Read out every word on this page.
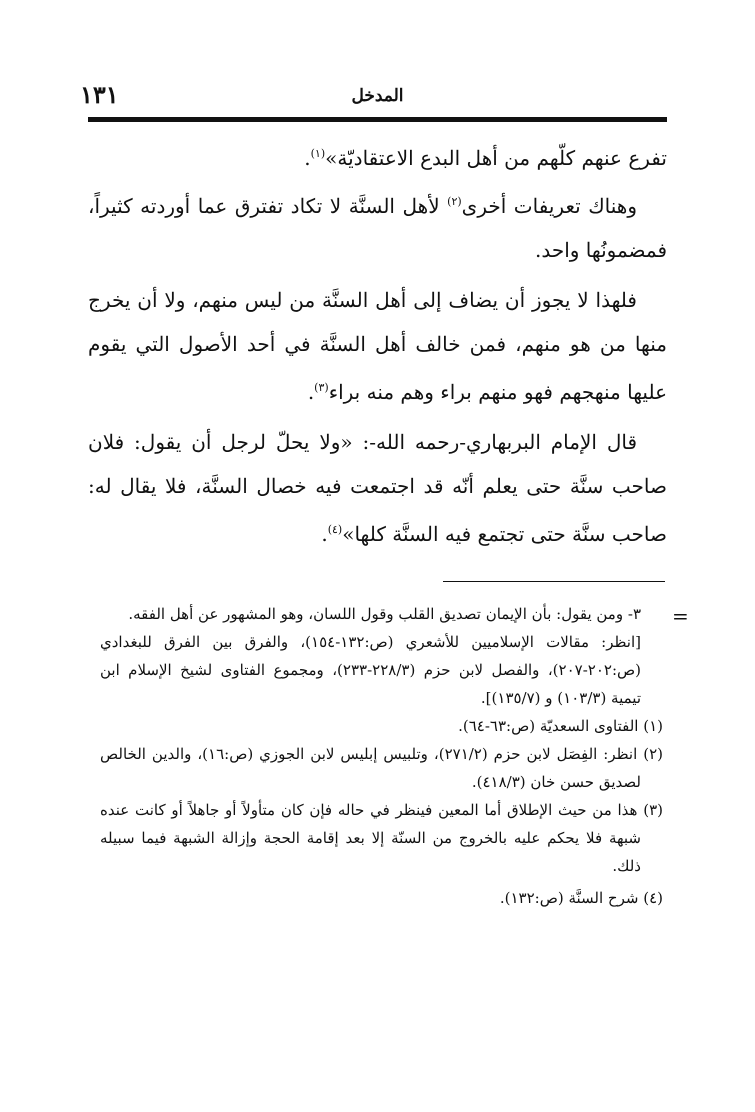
١٣١	المدخل

تفرع عنهم كلّهم من أهل البدع الاعتقاديّة»$^{(١)}$.

وهناك تعريفات أخرى$^{(٢)}$ لأهل السنَّة لا تكاد تفترق عما أوردته كثيراً، فمضمونُها واحد.

فلهذا لا يجوز أن يضاف إلى أهل السنَّة من ليس منهم، ولا أن يخرج منها من هو منهم، فمن خالف أهل السنَّة في أحد الأصول التي يقوم عليها منهجهم فهو منهم براء وهم منه براء$^{(٣)}$.

قال الإمام البربهاري-رحمه الله-: «ولا يحلّ لرجل أن يقول: فلان صاحب سنَّة حتى يعلم أنّه قد اجتمعت فيه خصال السنَّة، فلا يقال له: صاحب سنَّة حتى تجتمع فيه السنَّة كلها»$^{(٤)}$.

=

٣- ومن يقول: بأن الإيمان تصديق القلب وقول اللسان، وهو المشهور عن أهل الفقه.

[انظر: مقالات الإسلاميين للأشعري (ص:١٣٢-١٥٤)، والفرق بين الفرق للبغدادي (ص:٢٠٢-٢٠٧)، والفصل لابن حزم (٢٢٨/٣-٢٣٣)، ومجموع الفتاوى لشيخ الإسلام ابن تيمية (١٠٣/٣) و (١٣٥/٧)].

(١) الفتاوى السعديّة (ص:٦٣-٦٤).

(٢) انظر: الفِصَل لابن حزم (٢٧١/٢)، وتلبيس إبليس لابن الجوزي (ص:١٦)، والدين الخالص لصديق حسن خان (٤١٨/٣).

(٣) هذا من حيث الإطلاق أما المعين فينظر في حاله فإن كان متأولاً أو جاهلاً أو كانت عنده شبهة فلا يحكم عليه بالخروج من السنّة إلا بعد إقامة الحجة وإزالة الشبهة فيما سبيله ذلك.

(٤) شرح السنَّة (ص:١٣٢).
